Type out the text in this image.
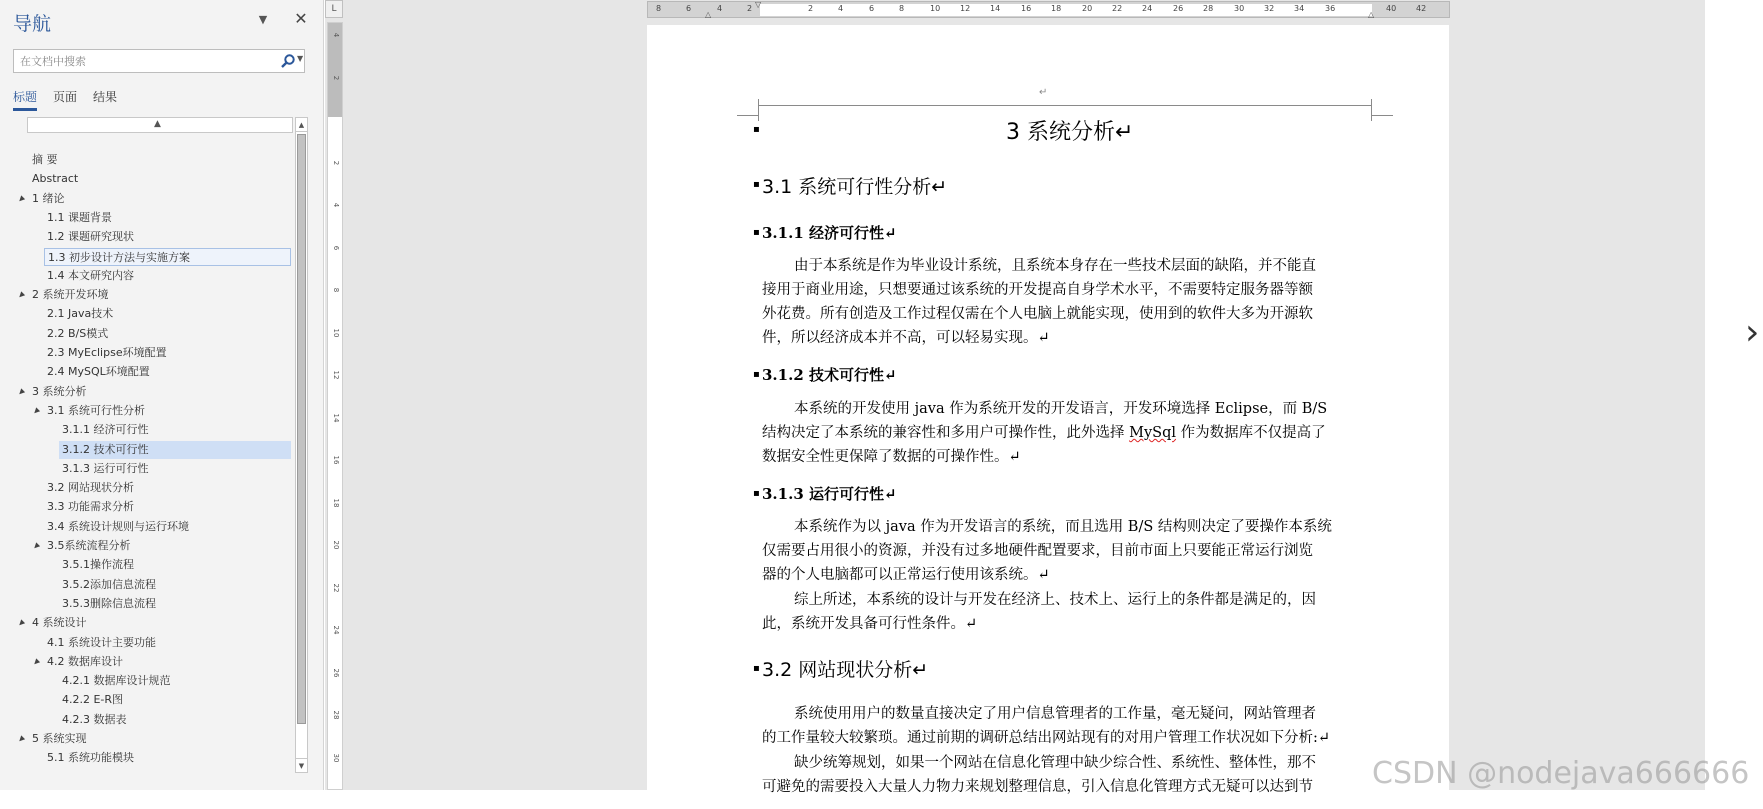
导航	▼ ✕
在文档中搜索
▼
标题 页面 结果
▲	▲
▼
摘 要
Abstract
1 绪论
▲
1.1 课题背景
1.2 课题研究现状
1.3 初步设计方法与实施方案
1.4 本文研究内容
2 系统开发环境
▲
2.1 Java技术
2.2 B/S模式
2.3 MyEclipse环境配置
2.4 MySQL环境配置
3 系统分析
▲
3.1 系统可行性分析
▲
3.1.1 经济可行性
3.1.2 技术可行性
3.1.3 运行可行性
3.2 网站现状分析
3.3 功能需求分析
3.4 系统设计规则与运行环境
3.5系统流程分析
▲
3.5.1操作流程
3.5.2添加信息流程
3.5.3删除信息流程
4 系统设计
▲
4.1 系统设计主要功能
4.2 数据库设计
▲
4.2.1 数据库设计规范
4.2.2 E-R图
4.2.3 数据表
5 系统实现
▲
5.1 系统功能模块
L
4
2
2
4
6
8
10
12
14
16
18
20
22
24
26
28
30
▽
△	△
8	6	4	2	2	4	6	8	10 12 14	16 18	20 22 24	26 28	30 32 34	36	40 42
↵
▪	3 系统分析↵
▪ 3.1 系统可行性分析↵
▪ 3.1.1 经济可行性↵
由于本系统是作为毕业设计系统，且系统本身存在一些技术层面的缺陷，并不能直
接用于商业用途，只想要通过该系统的开发提高自身学术水平，不需要特定服务器等额
外花费。所有创造及工作过程仅需在个人电脑上就能实现，使用到的软件大多为开源软
件，所以经济成本并不高，可以轻易实现。↵
▪ 3.1.2 技术可行性↵
本系统的开发使用 java 作为系统开发的开发语言，开发环境选择 Eclipse，而 B/S
结构决定了本系统的兼容性和多用户可操作性，此外选择 MySql 作为数据库不仅提高了
数据安全性更保障了数据的可操作性。↵
▪ 3.1.3 运行可行性↵
本系统作为以 java 作为开发语言的系统，而且选用 B/S 结构则决定了要操作本系统
仅需要占用很小的资源，并没有过多地硬件配置要求，目前市面上只要能正常运行浏览
器的个人电脑都可以正常运行使用该系统。↵
综上所述，本系统的设计与开发在经济上、技术上、运行上的条件都是满足的，因
此，系统开发具备可行性条件。↵
▪ 3.2 网站现状分析↵
系统使用用户的数量直接决定了用户信息管理者的工作量，毫无疑问，网站管理者
的工作量较大较繁琐。通过前期的调研总结出网站现有的对用户管理工作状况如下分析:↵
缺少统筹规划，如果一个网站在信息化管理中缺少综合性、系统性、整体性，那不
可避免的需要投入大量人力物力来规划整理信息，引入信息化管理方式无疑可以达到节
›
CSDN @nodejava666666
